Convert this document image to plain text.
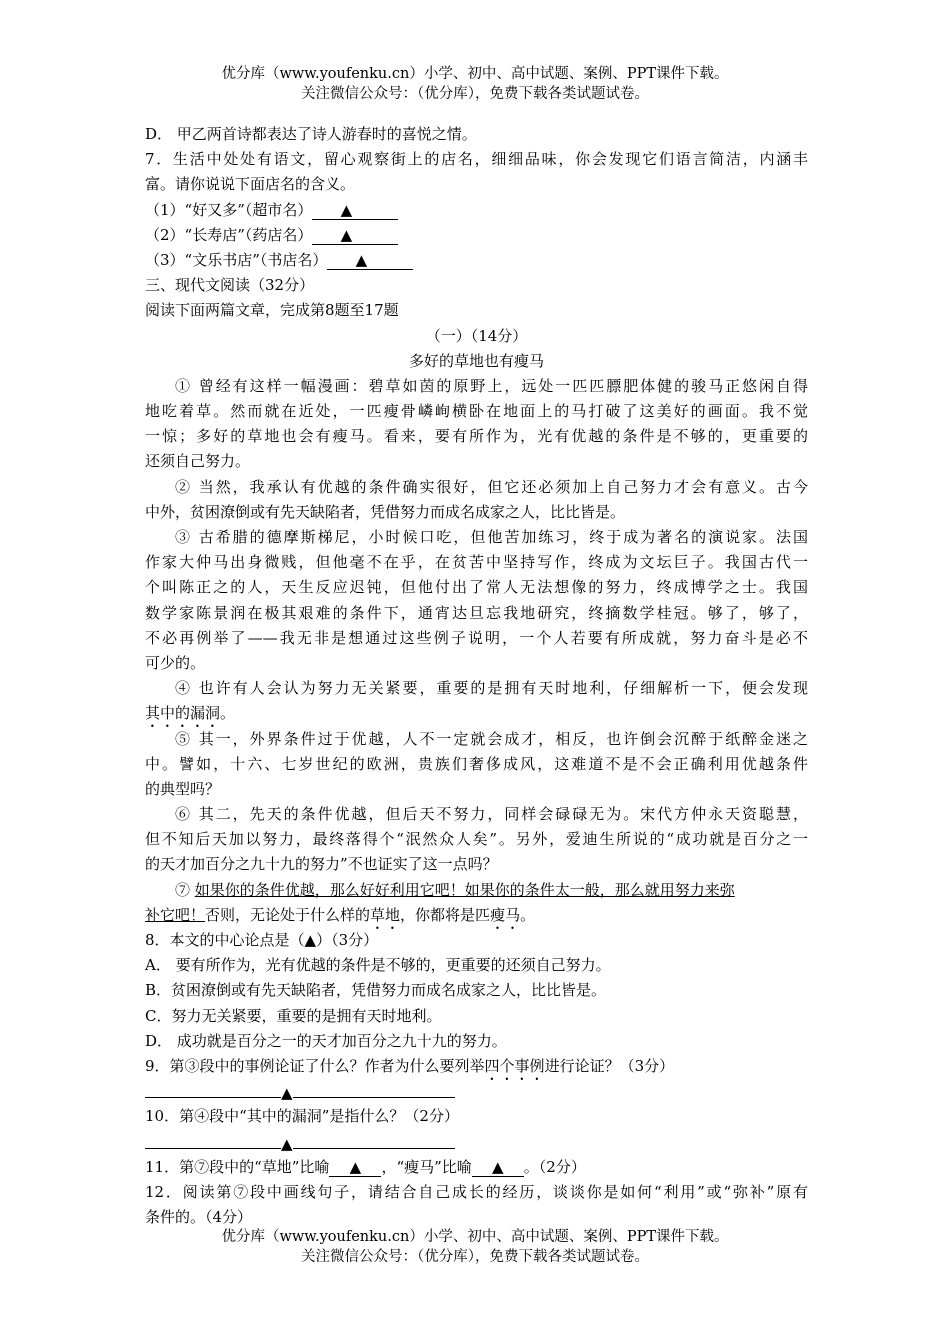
优分库（www.youfenku.cn）小学、初中、高中试题、案例、PPT课件下载。
关注微信公众号：（优分库），免费下载各类试题试卷。
D． 甲乙两首诗都表达了诗人游春时的喜悦之情。
7．生活中处处有语文，留心观察街上的店名，细细品味，你会发现它们语言简洁，内涵丰
富。请你说说下面店名的含义。
（1）“好又多”（超市名） ▲
（2）“长寿店”（药店名） ▲
（3）“文乐书店”（书店名） ▲
三、现代文阅读（32分）
阅读下面两篇文章，完成第8题至17题
（一）（14分）
多好的草地也有瘦马
① 曾经有这样一幅漫画：碧草如茵的原野上，远处一匹匹膘肥体健的骏马正悠闲自得
地吃着草。然而就在近处，一匹瘦骨嶙峋横卧在地面上的马打破了这美好的画面。我不觉
一惊；多好的草地也会有瘦马。看来，要有所作为，光有优越的条件是不够的，更重要的
还须自己努力。
② 当然，我承认有优越的条件确实很好，但它还必须加上自己努力才会有意义。古今
中外，贫困潦倒或有先天缺陷者，凭借努力而成名成家之人，比比皆是。
③ 古希腊的德摩斯梯尼，小时候口吃，但他苦加练习，终于成为著名的演说家。法国
作家大仲马出身微贱，但他毫不在乎，在贫苦中坚持写作，终成为文坛巨子。我国古代一
个叫陈正之的人，天生反应迟钝，但他付出了常人无法想像的努力，终成博学之士。我国
数学家陈景润在极其艰难的条件下，通宵达旦忘我地研究，终摘数学桂冠。够了，够了，
不必再例举了——我无非是想通过这些例子说明，一个人若要有所成就，努力奋斗是必不
可少的。
④ 也许有人会认为努力无关紧要，重要的是拥有天时地利，仔细解析一下，便会发现
其中的漏洞。
⑤ 其一，外界条件过于优越，人不一定就会成才，相反，也许倒会沉醉于纸醉金迷之
中。譬如，十六、七岁世纪的欧洲，贵族们奢侈成风，这难道不是不会正确利用优越条件
的典型吗？
⑥ 其二，先天的条件优越，但后天不努力，同样会碌碌无为。宋代方仲永天资聪慧，
但不知后天加以努力，最终落得个“泯然众人矣”。另外，爱迪生所说的“成功就是百分之一
的天才加百分之九十九的努力”不也证实了这一点吗？
⑦ 如果你的条件优越，那么好好利用它吧！如果你的条件太一般，那么就用努力来弥
补它吧！否则，无论处于什么样的草地，你都将是匹瘦马。
8．本文的中心论点是（▲）（3分）
A． 要有所作为，光有优越的条件是不够的，更重要的还须自己努力。
B．贫困潦倒或有先天缺陷者，凭借努力而成名成家之人，比比皆是。
C．努力无关紧要，重要的是拥有天时地利。
D． 成功就是百分之一的天才加百分之九十九的努力。
9．第③段中的事例论证了什么？作者为什么要列举四个事例进行论证？（3分）
▲
10．第④段中“其中的漏洞”是指什么？（2分）
▲
11．第⑦段中的“草地”比喻 ▲ ，“瘦马”比喻 ▲ 。（2分）
12．阅读第⑦段中画线句子，请结合自己成长的经历，谈谈你是如何“利用”或“弥补”原有
条件的。（4分）
优分库（www.youfenku.cn）小学、初中、高中试题、案例、PPT课件下载。
关注微信公众号：（优分库），免费下载各类试题试卷。
